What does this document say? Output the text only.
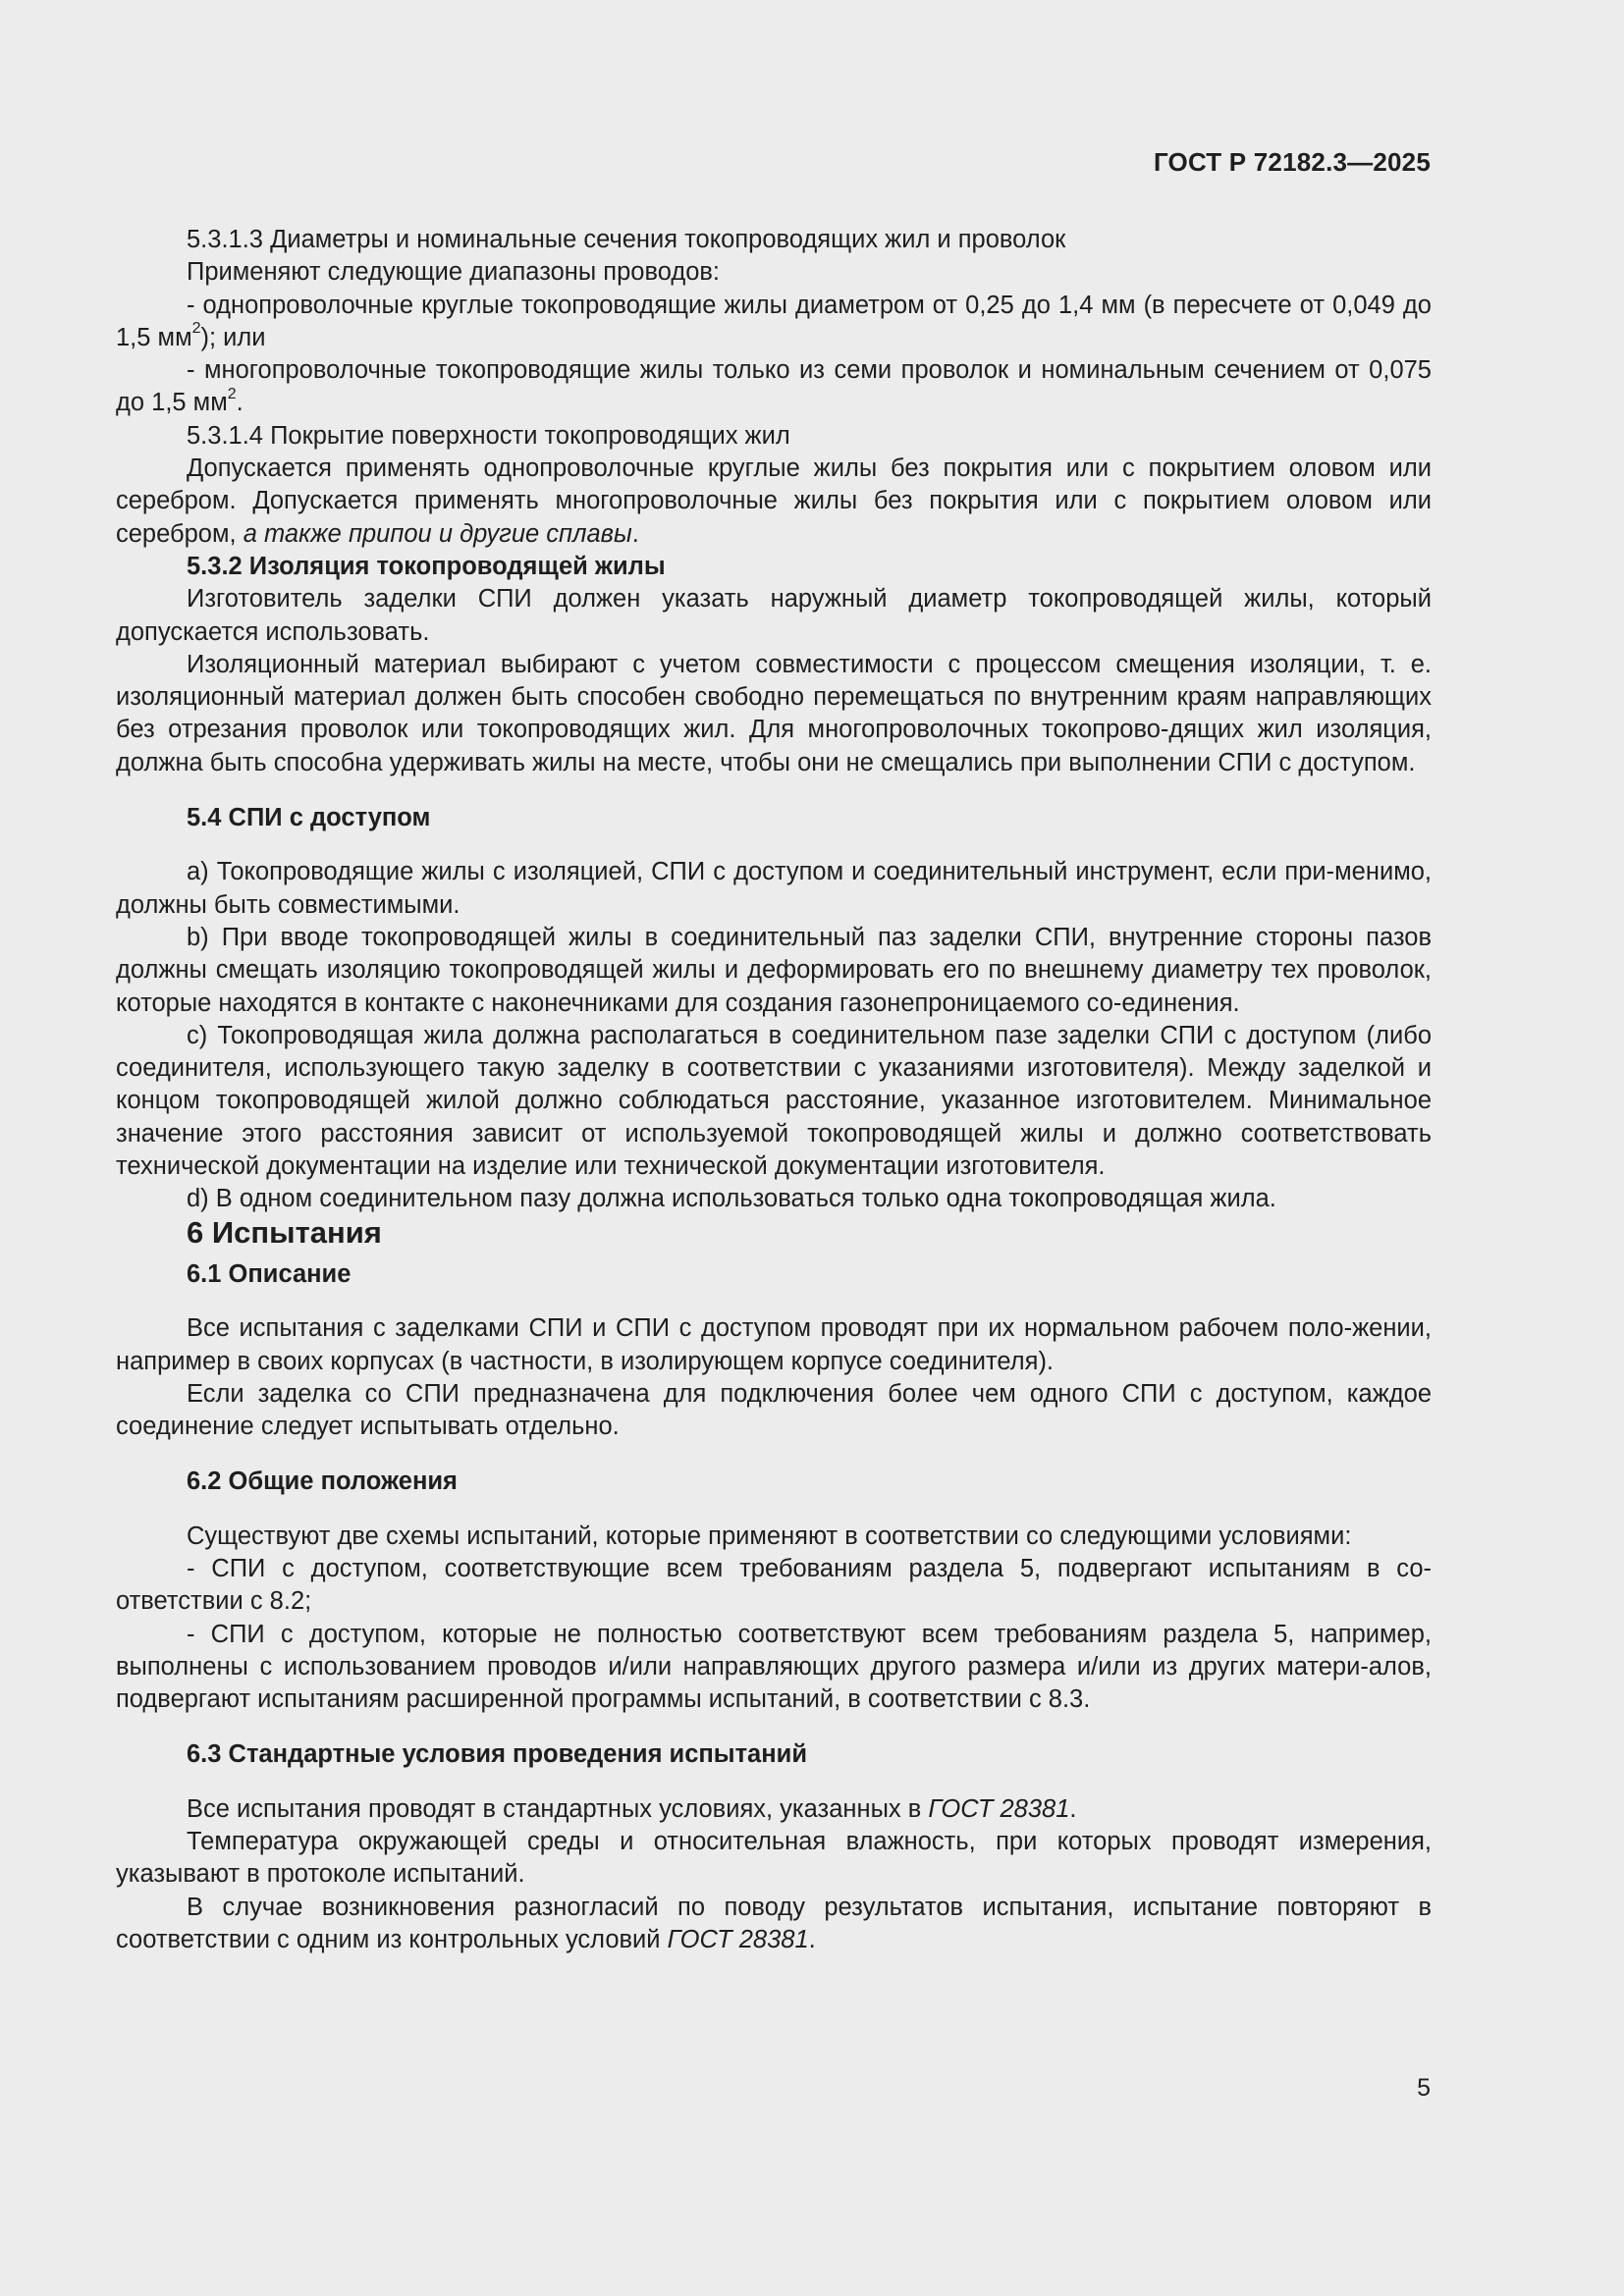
ГОСТ Р 72182.3—2025

5.3.1.3 Диаметры и номинальные сечения токопроводящих жил и проволок

Применяют следующие диапазоны проводов:

- однопроволочные круглые токопроводящие жилы диаметром от 0,25 до 1,4 мм (в пересчете от 0,049 до 1,5 $мм^2$); или

- многопроволочные токопроводящие жилы только из семи проволок и номинальным сечением от 0,075 до 1,5 $мм^2$.

5.3.1.4 Покрытие поверхности токопроводящих жил

Допускается применять однопроволочные круглые жилы без покрытия или с покрытием оловом или серебром. Допускается применять многопроволочные жилы без покрытия или с покрытием оловом или серебром, а также припои и другие сплавы.

5.3.2 Изоляция токопроводящей жилы

Изготовитель заделки СПИ должен указать наружный диаметр токопроводящей жилы, который допускается использовать.

Изоляционный материал выбирают с учетом совместимости с процессом смещения изоляции, т. е. изоляционный материал должен быть способен свободно перемещаться по внутренним краям направляющих без отрезания проволок или токопроводящих жил. Для многопроволочных токопрово-дящих жил изоляция, должна быть способна удерживать жилы на месте, чтобы они не смещались при выполнении СПИ с доступом.

5.4 СПИ с доступом

а) Токопроводящие жилы с изоляцией, СПИ с доступом и соединительный инструмент, если при-менимо, должны быть совместимыми.

b) При вводе токопроводящей жилы в соединительный паз заделки СПИ, внутренние стороны пазов должны смещать изоляцию токопроводящей жилы и деформировать его по внешнему диаметру тех проволок, которые находятся в контакте с наконечниками для создания газонепроницаемого со-единения.

с) Токопроводящая жила должна располагаться в соединительном пазе заделки СПИ с доступом (либо соединителя, использующего такую заделку в соответствии с указаниями изготовителя). Между заделкой и концом токопроводящей жилой должно соблюдаться расстояние, указанное изготовителем. Минимальное значение этого расстояния зависит от используемой токопроводящей жилы и должно соответствовать технической документации на изделие или технической документации изготовителя.

d) В одном соединительном пазу должна использоваться только одна токопроводящая жила.

6 Испытания

6.1 Описание

Все испытания с заделками СПИ и СПИ с доступом проводят при их нормальном рабочем поло-жении, например в своих корпусах (в частности, в изолирующем корпусе соединителя).

Если заделка со СПИ предназначена для подключения более чем одного СПИ с доступом, каждое соединение следует испытывать отдельно.

6.2 Общие положения

Существуют две схемы испытаний, которые применяют в соответствии со следующими условиями:

- СПИ с доступом, соответствующие всем требованиям раздела 5, подвергают испытаниям в со-ответствии с 8.2;

- СПИ с доступом, которые не полностью соответствуют всем требованиям раздела 5, например, выполнены с использованием проводов и/или направляющих другого размера и/или из других матери-алов, подвергают испытаниям расширенной программы испытаний, в соответствии с 8.3.

6.3 Стандартные условия проведения испытаний

Все испытания проводят в стандартных условиях, указанных в ГОСТ 28381.

Температура окружающей среды и относительная влажность, при которых проводят измерения, указывают в протоколе испытаний.

В случае возникновения разногласий по поводу результатов испытания, испытание повторяют в соответствии с одним из контрольных условий ГОСТ 28381.

5
